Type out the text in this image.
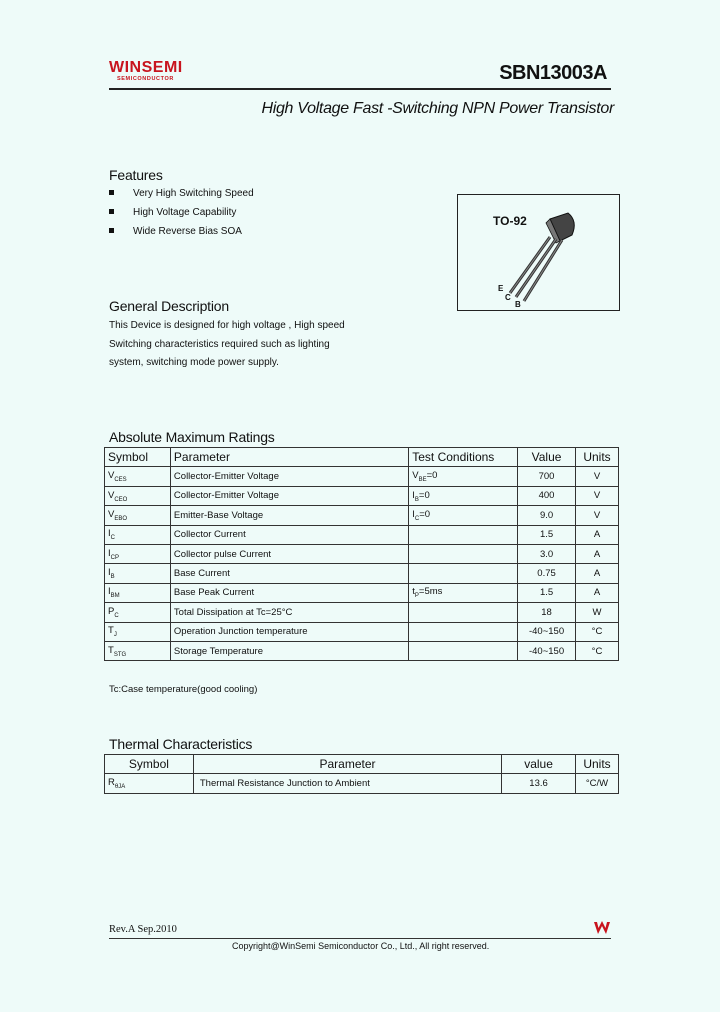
WINSEMI
SEMICONDUCTOR	SBN13003A
High Voltage Fast -Switching NPN Power Transistor
Features
Very High Switching Speed
High Voltage Capability
Wide Reverse Bias SOA
TO-92
E
C
B
General Description
This Device is designed for high voltage , High speed
Switching characteristics required such as lighting
system, switching mode power supply.
Absolute Maximum Ratings
Symbol	Parameter	Test Conditions	Value	Units
$V_{CES}$	Collector-Emitter Voltage	$V_{BE}=0$	700	V
$V_{CEO}$	Collector-Emitter Voltage	$I_B=0$	400	V
$V_{EBO}$	Emitter-Base Voltage	$I_C=0$	9.0	V
$I_C$	Collector Current		1.5	A
$I_{CP}$	Collector pulse Current		3.0	A
$I_B$	Base Current		0.75	A
$I_{BM}$	Base Peak Current	$t_P=5ms$	1.5	A
$P_C$	Total Dissipation at Tc=25°C		18	W
$T_J$	Operation Junction temperature		-40~150	°C
$T_{STG}$	Storage Temperature		-40~150	°C
Tc:Case temperature(good cooling)
Thermal Characteristics
Symbol	Parameter	value	Units
$R_{\theta JA}$	Thermal Resistance Junction to Ambient	13.6	°C/W
Rev.A Sep.2010
Copyright@WinSemi Semiconductor Co., Ltd., All right reserved.
